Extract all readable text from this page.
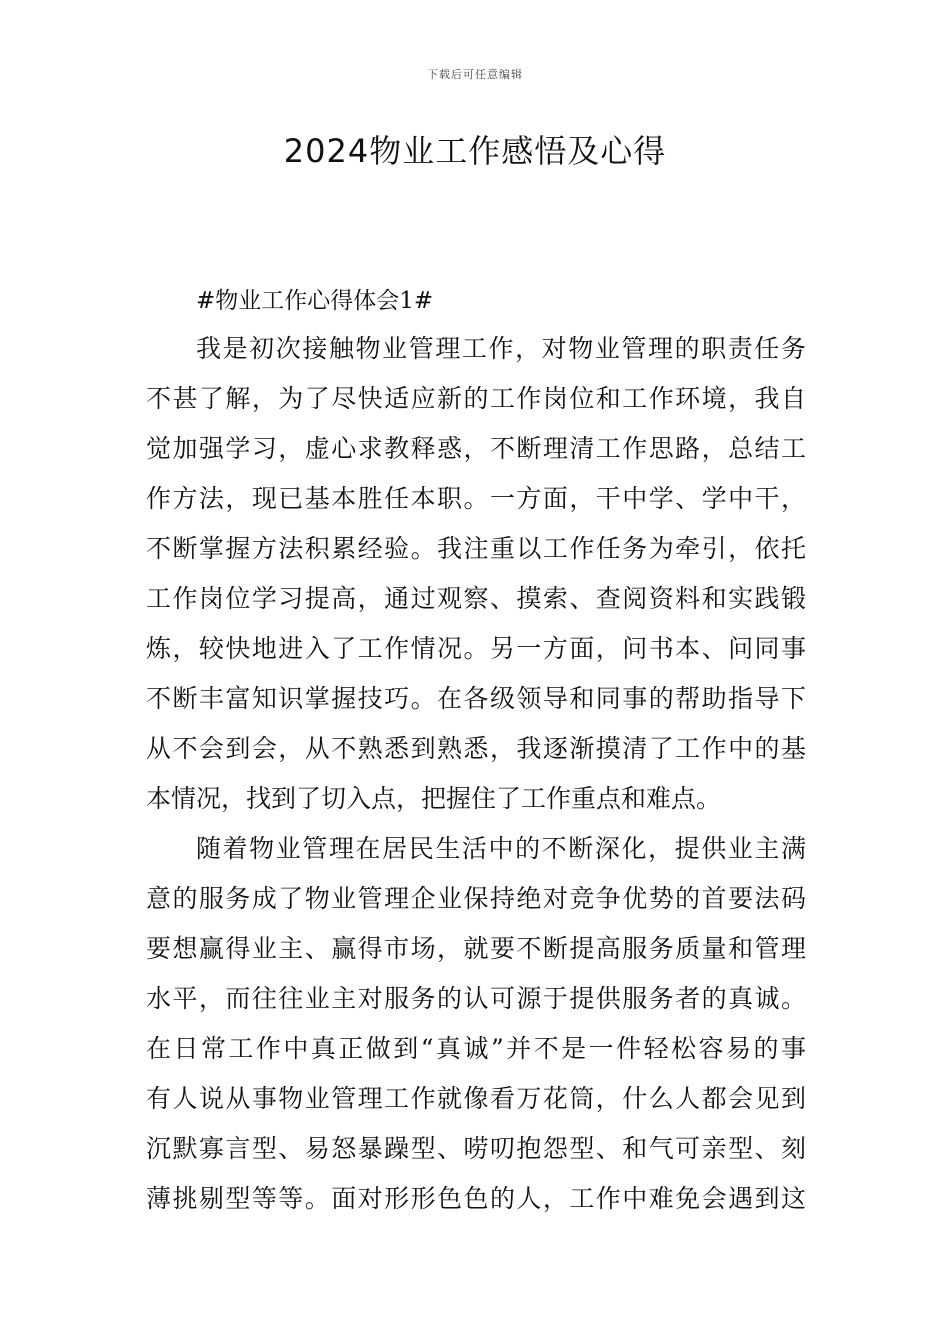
下载后可任意编辑
2024物业工作感悟及心得
#物业工作心得体会1#
我是初次接触物业管理工作，对物业管理的职责任务
不甚了解，为了尽快适应新的工作岗位和工作环境，我自
觉加强学习，虚心求教释惑，不断理清工作思路，总结工
作方法，现已基本胜任本职。一方面，干中学、学中干，
不断掌握方法积累经验。我注重以工作任务为牵引，依托
工作岗位学习提高，通过观察、摸索、查阅资料和实践锻
炼，较快地进入了工作情况。另一方面，问书本、问同事
不断丰富知识掌握技巧。在各级领导和同事的帮助指导下
从不会到会，从不熟悉到熟悉，我逐渐摸清了工作中的基
本情况，找到了切入点，把握住了工作重点和难点。
随着物业管理在居民生活中的不断深化，提供业主满
意的服务成了物业管理企业保持绝对竞争优势的首要法码
要想赢得业主、赢得市场，就要不断提高服务质量和管理
水平，而往往业主对服务的认可源于提供服务者的真诚。
在日常工作中真正做到“真诚”并不是一件轻松容易的事
有人说从事物业管理工作就像看万花筒，什么人都会见到
沉默寡言型、易怒暴躁型、唠叨抱怨型、和气可亲型、刻
薄挑剔型等等。面对形形色色的人，工作中难免会遇到这
